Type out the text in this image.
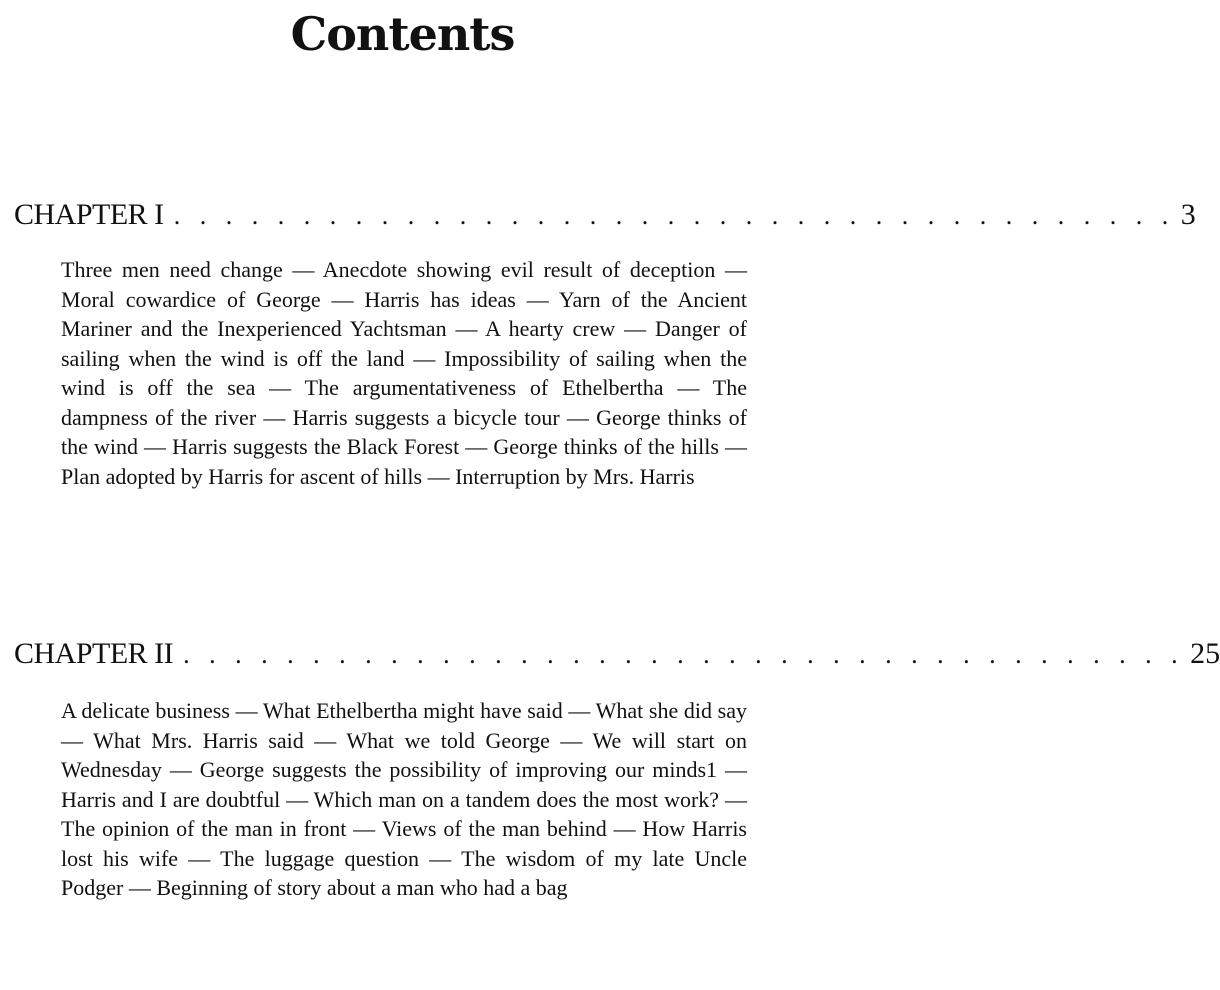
Contents
CHAPTER I . . . . . . . . . . . . . . . . . . . . . . . . . . . . . . . . . . . . . . . 3
Three men need change — Anecdote showing evil result of deception — Moral cowardice of George — Harris has ideas — Yarn of the Ancient Mariner and the Inexperienced Yachtsman — A hearty crew — Danger of sailing when the wind is off the land — Impossibility of sailing when the wind is off the sea — The argumentativeness of Ethelbertha — The dampness of the river — Harris suggests a bicycle tour — George thinks of the wind — Harris suggests the Black Forest — George thinks of the hills — Plan adopted by Harris for ascent of hills — Interruption by Mrs. Harris
CHAPTER II . . . . . . . . . . . . . . . . . . . . . . . . . . . . . . . . . . . . . . . 25
A delicate business — What Ethelbertha might have said — What she did say — What Mrs. Harris said — What we told George — We will start on Wednesday — George suggests the possibility of improving our minds1 — Harris and I are doubtful — Which man on a tandem does the most work? — The opinion of the man in front — Views of the man behind — How Harris lost his wife — The luggage question — The wisdom of my late Uncle Podger — Beginning of story about a man who had a bag
